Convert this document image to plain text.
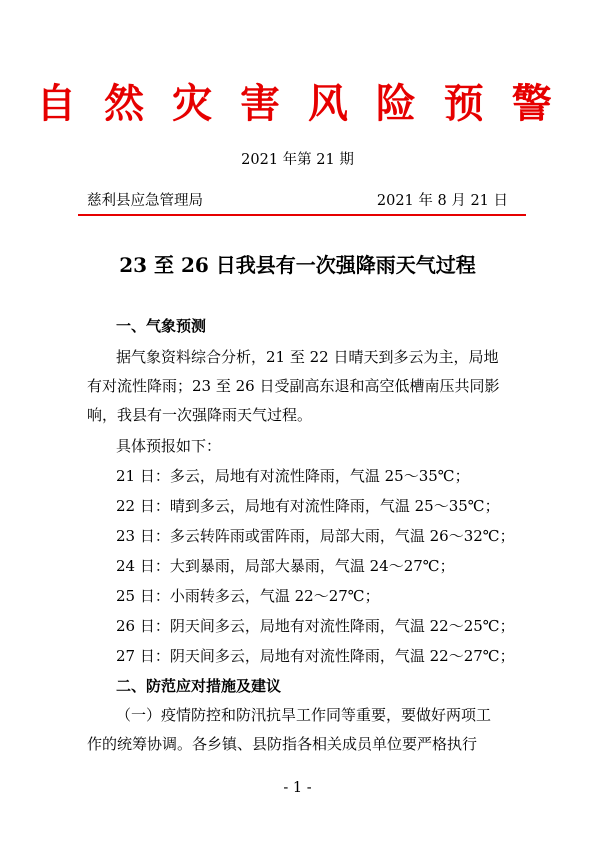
自 然 灾 害 风 险 预 警
2021 年第 21 期
慈利县应急管理局	2021 年 8 月 21 日
23 至 26 日我县有一次强降雨天气过程
一、气象预测

据气象资料综合分析，21 至 22 日晴天到多云为主，局地

有对流性降雨；23 至 26 日受副高东退和高空低槽南压共同影

响，我县有一次强降雨天气过程。

具体预报如下：
21 日：多云，局地有对流性降雨，气温 25～35℃；
22 日：晴到多云，局地有对流性降雨，气温 25～35℃；
23 日：多云转阵雨或雷阵雨，局部大雨，气温 26～32℃；
24 日：大到暴雨，局部大暴雨，气温 24～27℃；
25 日：小雨转多云，气温 22～27℃；
26 日：阴天间多云，局地有对流性降雨，气温 22～25℃；
27 日：阴天间多云，局地有对流性降雨，气温 22～27℃；
二、防范应对措施及建议

（一）疫情防控和防汛抗旱工作同等重要，要做好两项工

作的统筹协调。各乡镇、县防指各相关成员单位要严格执行

- 1 -
